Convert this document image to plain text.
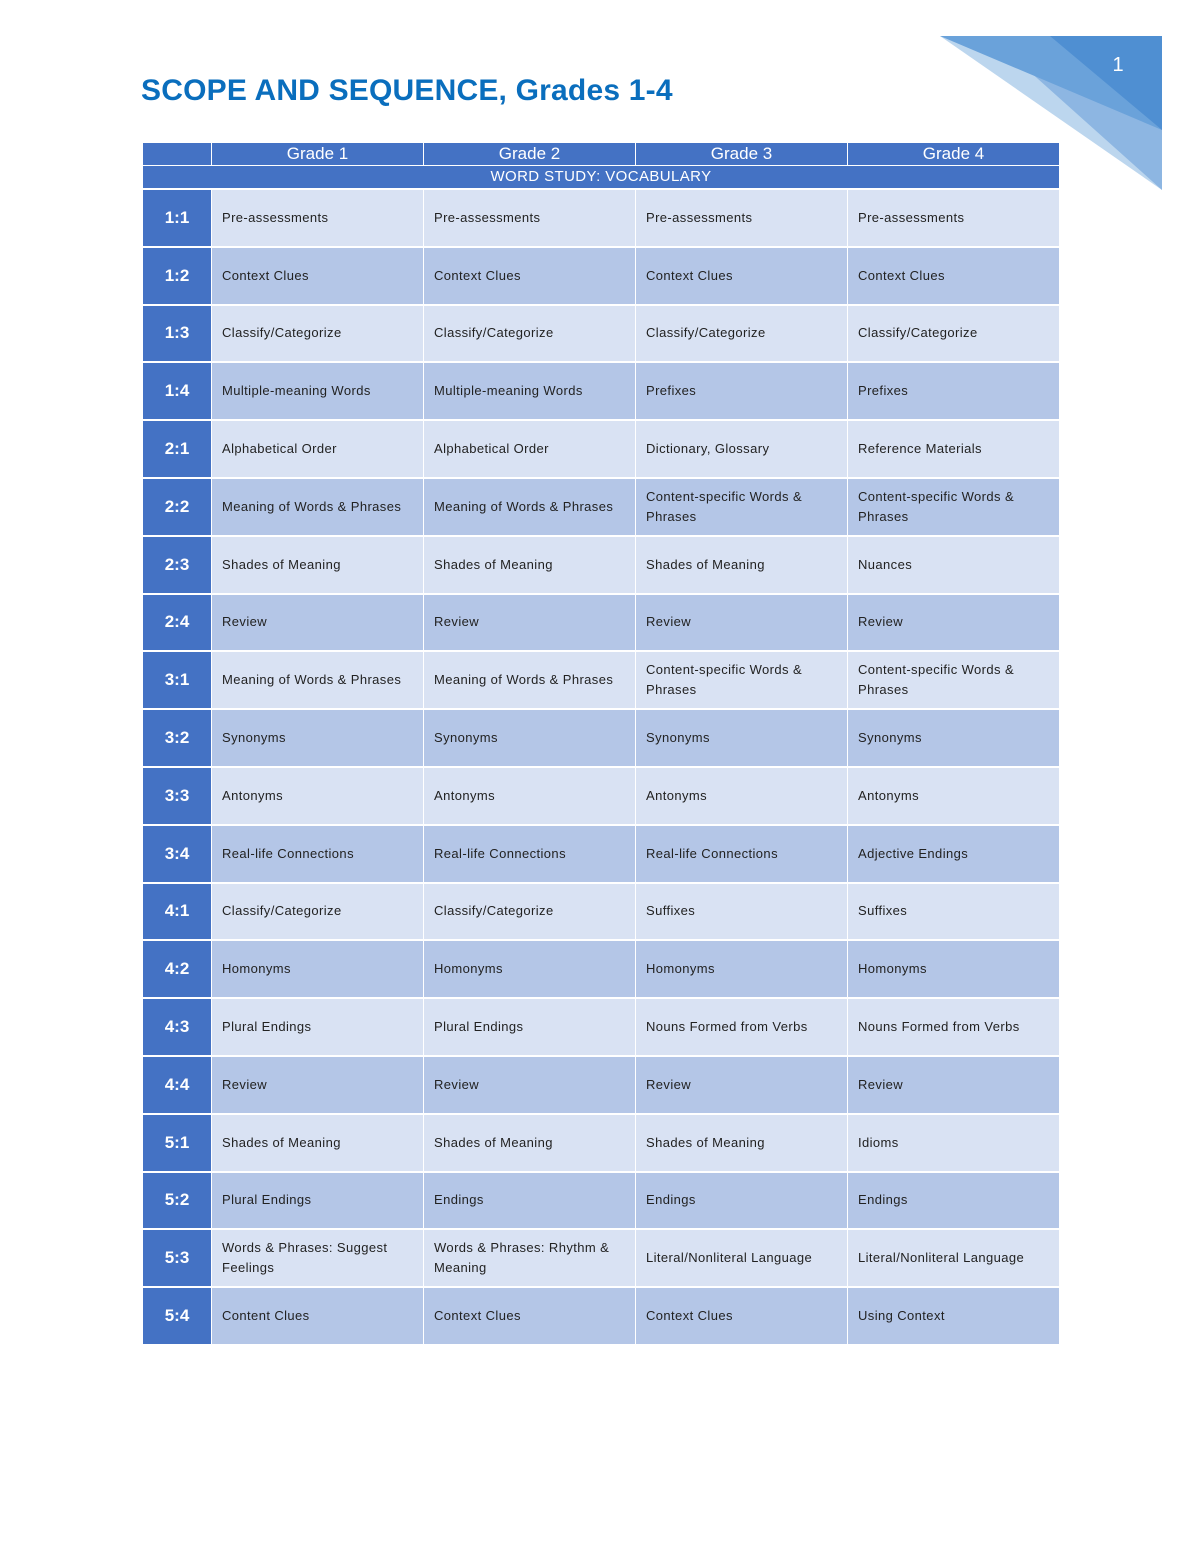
1
SCOPE AND SEQUENCE, Grades 1-4
	Grade 1	Grade 2	Grade 3	Grade 4
WORD STUDY: VOCABULARY				
1:1	Pre-assessments	Pre-assessments	Pre-assessments	Pre-assessments
1:2	Context Clues	Context Clues	Context Clues	Context Clues
1:3	Classify/Categorize	Classify/Categorize	Classify/Categorize	Classify/Categorize
1:4	Multiple-meaning Words	Multiple-meaning Words	Prefixes	Prefixes
2:1	Alphabetical Order	Alphabetical Order	Dictionary, Glossary	Reference Materials
2:2	Meaning of Words & Phrases	Meaning of Words & Phrases	Content-specific Words & Phrases	Content-specific Words & Phrases
2:3	Shades of Meaning	Shades of Meaning	Shades of Meaning	Nuances
2:4	Review	Review	Review	Review
3:1	Meaning of Words & Phrases	Meaning of Words & Phrases	Content-specific Words & Phrases	Content-specific Words & Phrases
3:2	Synonyms	Synonyms	Synonyms	Synonyms
3:3	Antonyms	Antonyms	Antonyms	Antonyms
3:4	Real-life Connections	Real-life Connections	Real-life Connections	Adjective Endings
4:1	Classify/Categorize	Classify/Categorize	Suffixes	Suffixes
4:2	Homonyms	Homonyms	Homonyms	Homonyms
4:3	Plural Endings	Plural Endings	Nouns Formed from Verbs	Nouns Formed from Verbs
4:4	Review	Review	Review	Review
5:1	Shades of Meaning	Shades of Meaning	Shades of Meaning	Idioms
5:2	Plural Endings	Endings	Endings	Endings
5:3	Words & Phrases: Suggest Feelings	Words & Phrases: Rhythm & Meaning	Literal/Nonliteral Language	Literal/Nonliteral Language
5:4	Content Clues	Context Clues	Context Clues	Using Context
